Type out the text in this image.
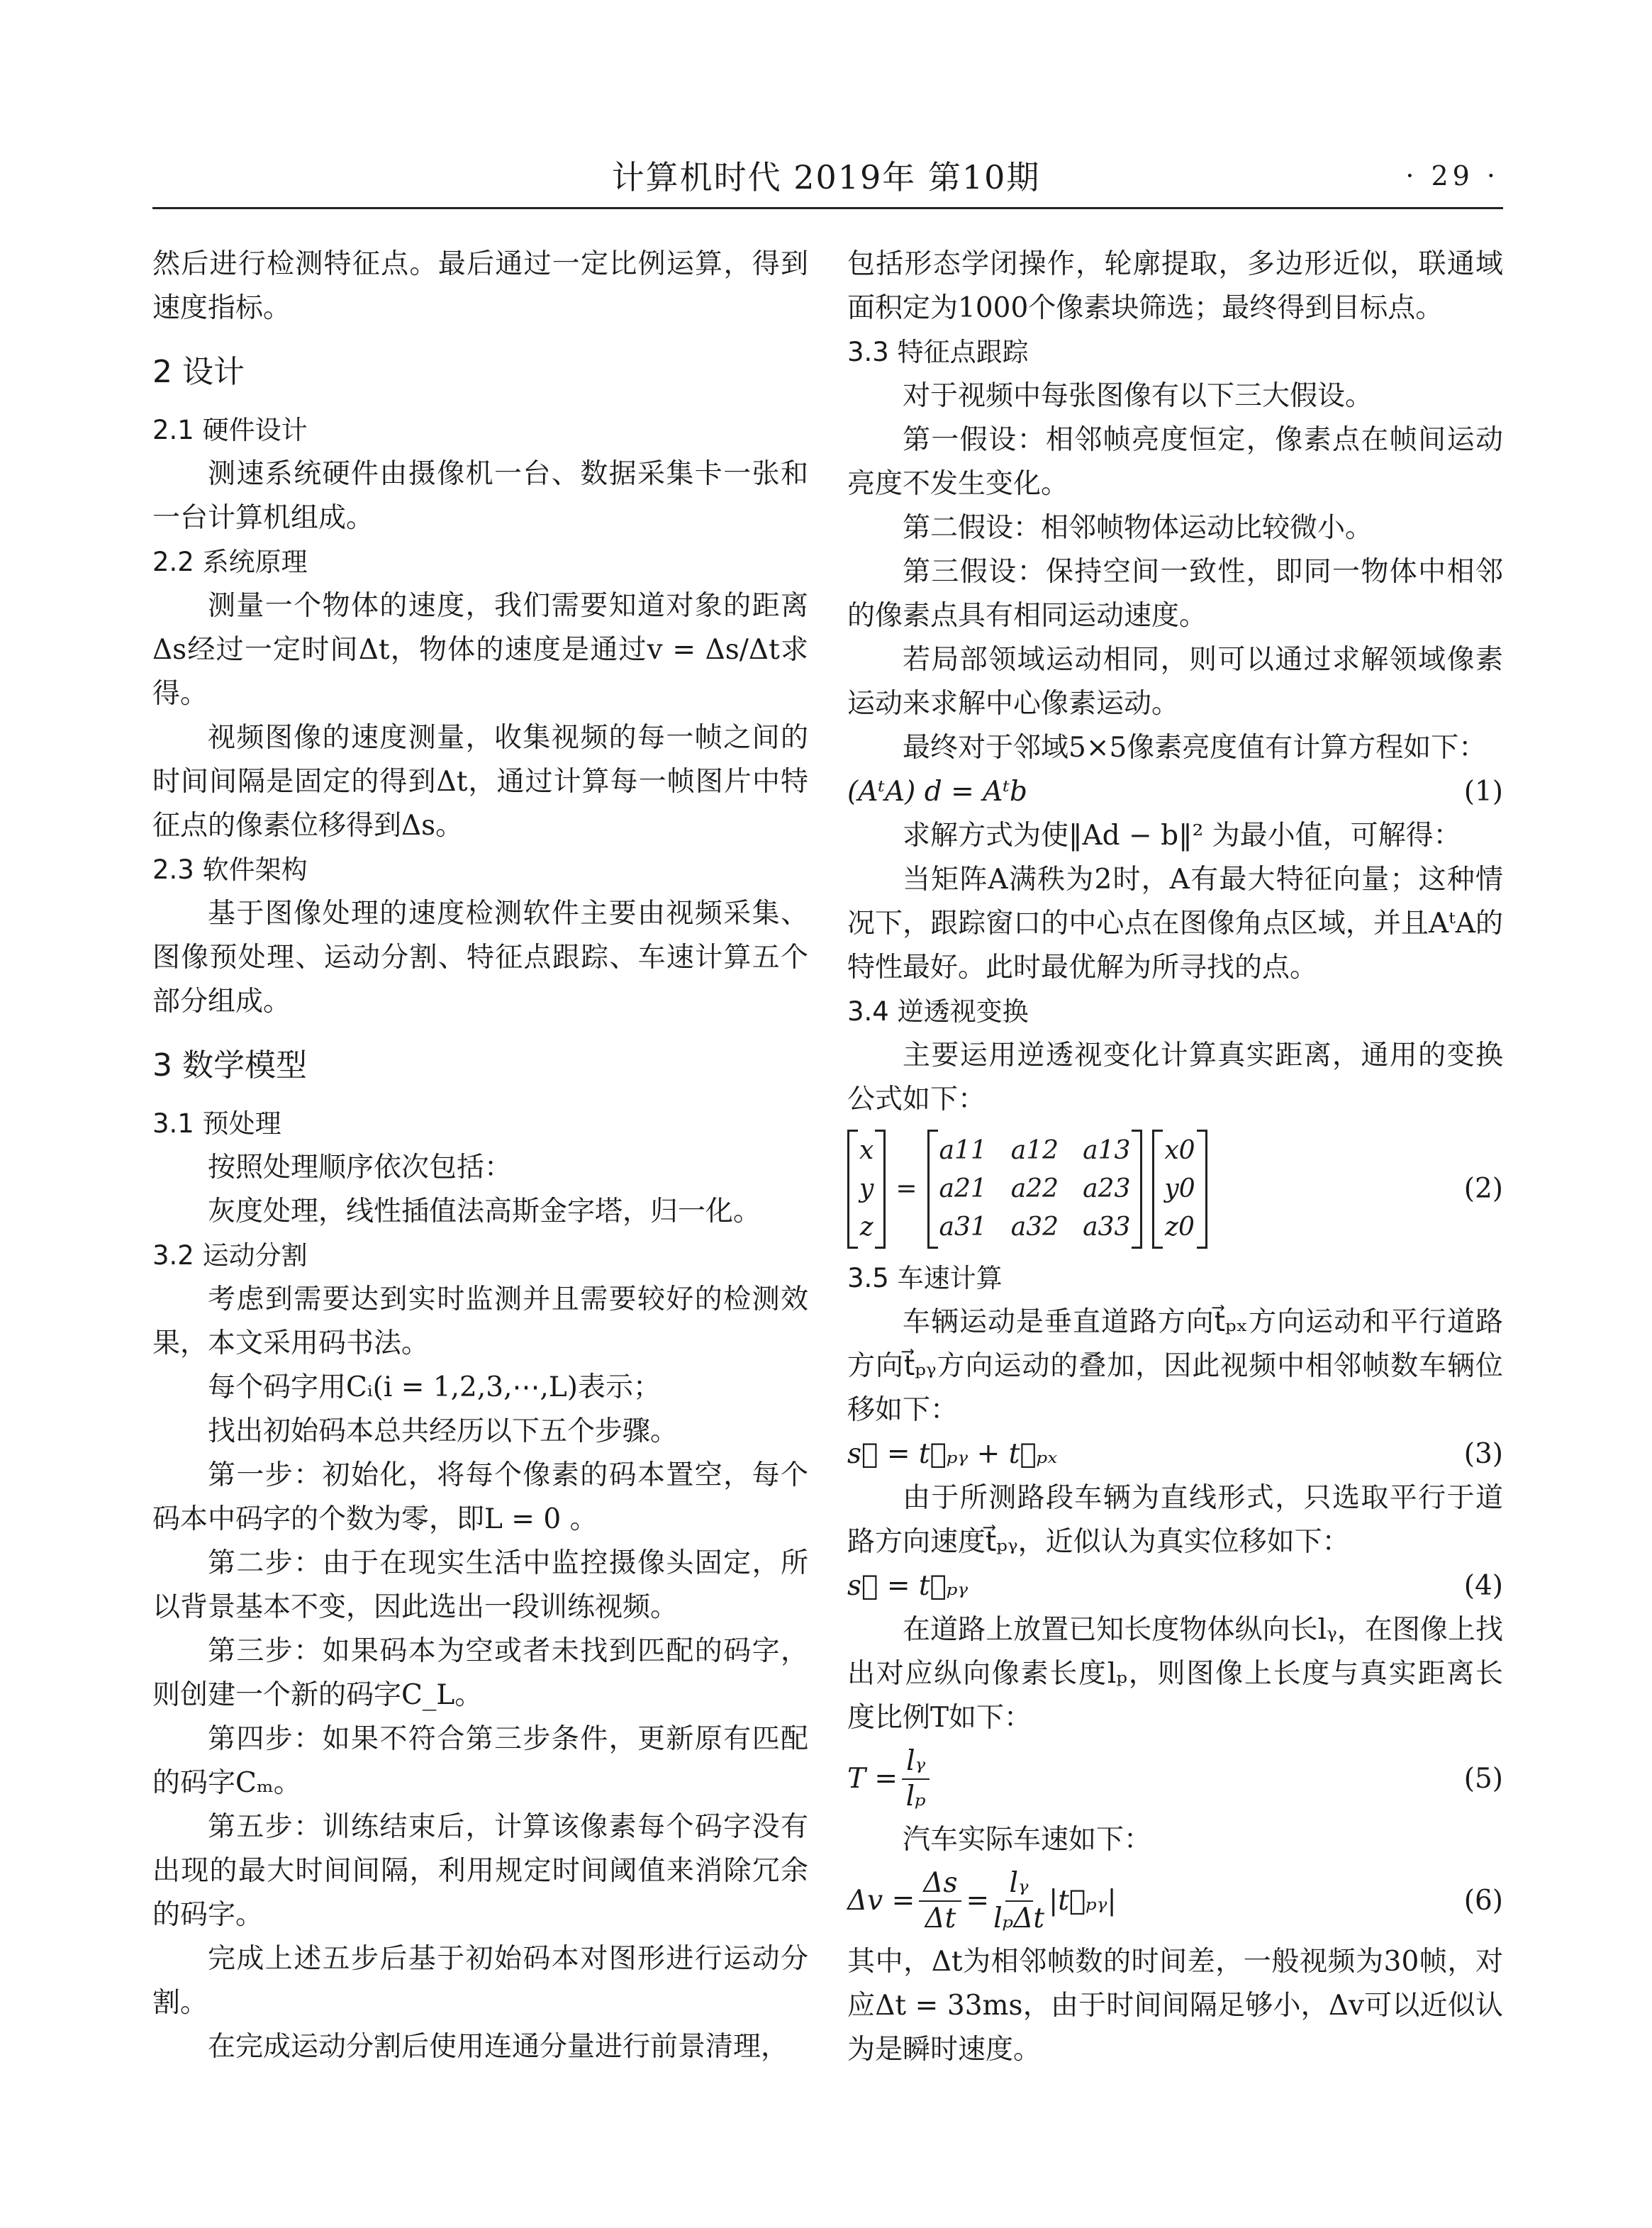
计算机时代 2019年 第10期	· 29 ·

然后进行检测特征点。最后通过一定比例运算，得到速度指标。

2 设计
2.1 硬件设计

测速系统硬件由摄像机一台、数据采集卡一张和一台计算机组成。

2.2 系统原理

测量一个物体的速度，我们需要知道对象的距离Δs经过一定时间Δt，物体的速度是通过v = Δs/Δt求得。

视频图像的速度测量，收集视频的每一帧之间的时间间隔是固定的得到Δt，通过计算每一帧图片中特征点的像素位移得到Δs。

2.3 软件架构

基于图像处理的速度检测软件主要由视频采集、图像预处理、运动分割、特征点跟踪、车速计算五个部分组成。

3 数学模型
3.1 预处理

按照处理顺序依次包括：

灰度处理，线性插值法高斯金字塔，归一化。

3.2 运动分割

考虑到需要达到实时监测并且需要较好的检测效果，本文采用码书法。

每个码字用Cᵢ(i = 1,2,3,⋯,L)表示；

找出初始码本总共经历以下五个步骤。

第一步：初始化，将每个像素的码本置空，每个码本中码字的个数为零，即L = 0 。

第二步：由于在现实生活中监控摄像头固定，所以背景基本不变，因此选出一段训练视频。

第三步：如果码本为空或者未找到匹配的码字，则创建一个新的码字C_L。

第四步：如果不符合第三步条件，更新原有匹配的码字Cₘ。

第五步：训练结束后，计算该像素每个码字没有出现的最大时间间隔，利用规定时间阈值来消除冗余的码字。

完成上述五步后基于初始码本对图形进行运动分割。

在完成运动分割后使用连通分量进行前景清理，

包括形态学闭操作，轮廓提取，多边形近似，联通域面积定为1000个像素块筛选；最终得到目标点。

3.3 特征点跟踪

对于视频中每张图像有以下三大假设。

第一假设：相邻帧亮度恒定，像素点在帧间运动亮度不发生变化。

第二假设：相邻帧物体运动比较微小。

第三假设：保持空间一致性，即同一物体中相邻的像素点具有相同运动速度。

若局部领域运动相同，则可以通过求解领域像素运动来求解中心像素运动。

最终对于邻域5×5像素亮度值有计算方程如下：

(AᵗA) d = Aᵗb	(1)

求解方式为使‖Ad − b‖² 为最小值，可解得：

当矩阵A满秩为2时，A有最大特征向量；这种情况下，跟踪窗口的中心点在图像角点区域，并且AᵗA的特性最好。此时最优解为所寻找的点。

3.4 逆透视变换

主要运用逆透视变化计算真实距离，通用的变换公式如下：

x
y
z
=
a11 a12 a13
a21 a22 a23
a31 a32 a33
x0
y0
z0
(2)
3.5 车速计算

车辆运动是垂直道路方向t⃗ₚₓ方向运动和平行道路方向t⃗ₚᵧ方向运动的叠加，因此视频中相邻帧数车辆位移如下：

s⃗ = t⃗ₚᵧ + t⃗ₚₓ	(3)

由于所测路段车辆为直线形式，只选取平行于道路方向速度t⃗ₚᵧ，近似认为真实位移如下：

s⃗ = t⃗ₚᵧ	(4)

在道路上放置已知长度物体纵向长lᵧ，在图像上找出对应纵向像素长度lₚ，则图像上长度与真实距离长度比例T如下：

$T = \frac{\text{lᵧ}}{\text{lₚ}}$	(5)

汽车实际车速如下：

$\Delta v = \frac{\Delta s}{\Delta t} = \frac{\text{lᵧ}}{\text{lₚΔt}}$ |t⃗ₚᵧ|	(6)

其中，Δt为相邻帧数的时间差，一般视频为30帧，对应Δt = 33ms，由于时间间隔足够小，Δv可以近似认为是瞬时速度。
